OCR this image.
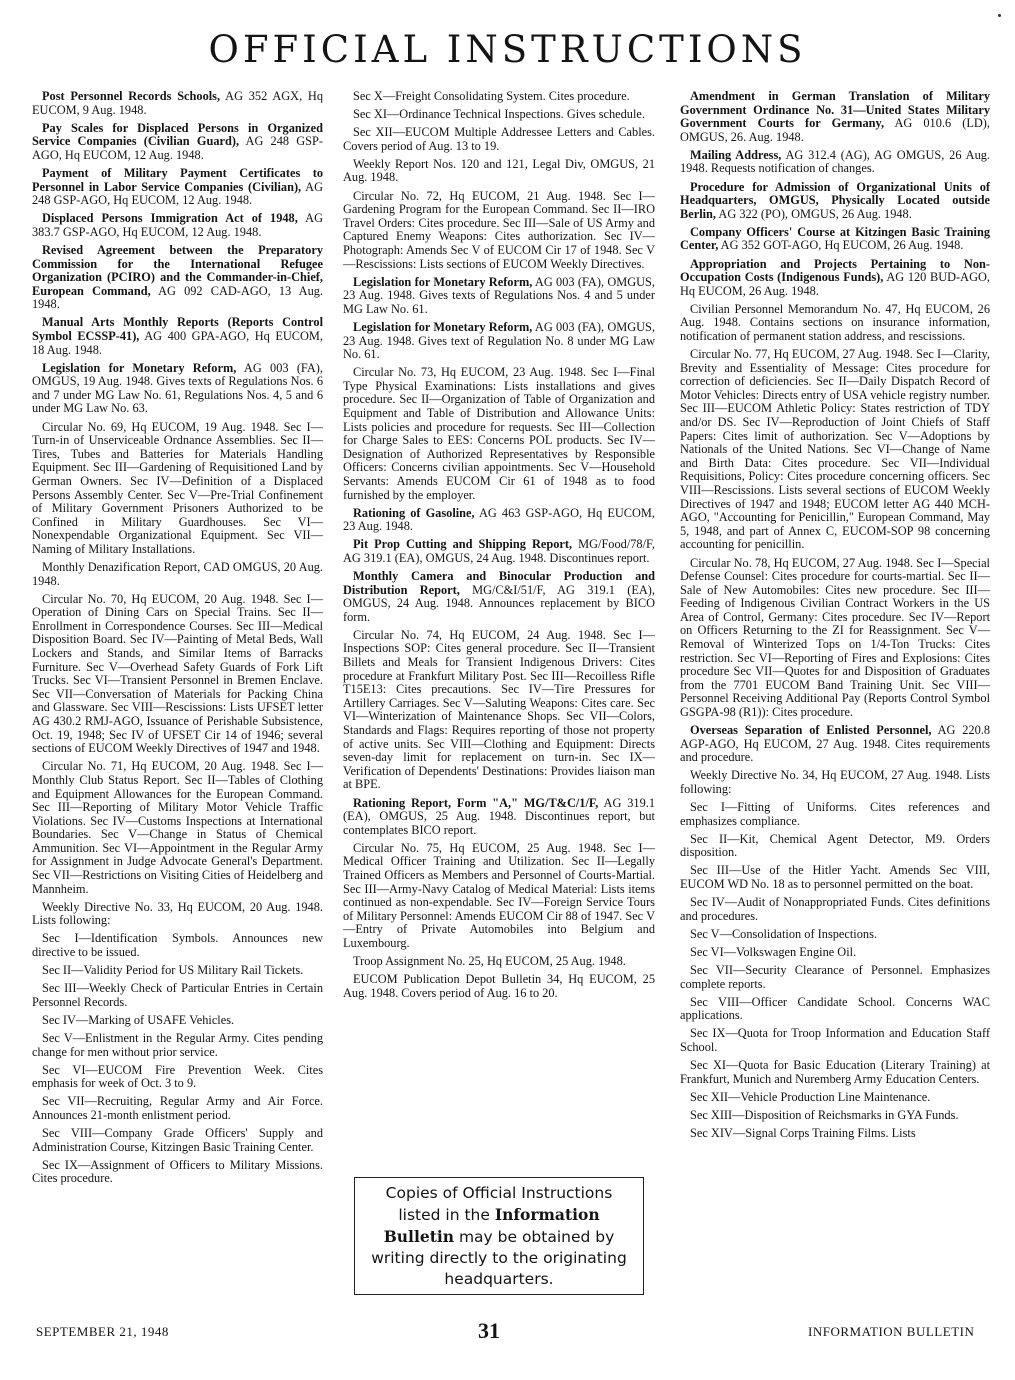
OFFICIAL INSTRUCTIONS

Post Personnel Records Schools, AG 352 AGX, Hq EUCOM, 9 Aug. 1948.

Pay Scales for Displaced Persons in Organized Service Companies (Civilian Guard), AG 248 GSP-AGO, Hq EUCOM, 12 Aug. 1948.

Payment of Military Payment Certificates to Personnel in Labor Service Companies (Civilian), AG 248 GSP-AGO, Hq EUCOM, 12 Aug. 1948.

Displaced Persons Immigration Act of 1948, AG 383.7 GSP-AGO, Hq EUCOM, 12 Aug. 1948.

Revised Agreement between the Preparatory Commission for the International Refugee Organization (PCIRO) and the Commander-in-Chief, European Command, AG 092 CAD-AGO, 13 Aug. 1948.

Manual Arts Monthly Reports (Reports Control Symbol ECSSP-41), AG 400 GPA-AGO, Hq EUCOM, 18 Aug. 1948.

Legislation for Monetary Reform, AG 003 (FA), OMGUS, 19 Aug. 1948. Gives texts of Regulations Nos. 6 and 7 under MG Law No. 61, Regulations Nos. 4, 5 and 6 under MG Law No. 63.

Circular No. 69, Hq EUCOM, 19 Aug. 1948. Sec I—Turn-in of Unserviceable Ordnance Assemblies. Sec II—Tires, Tubes and Batteries for Materials Handling Equipment. Sec III—Gardening of Requisitioned Land by German Owners. Sec IV—Definition of a Displaced Persons Assembly Center. Sec V—Pre-Trial Confinement of Military Government Prisoners Authorized to be Confined in Military Guardhouses. Sec VI—Nonexpendable Organizational Equipment. Sec VII—Naming of Military Installations.

Monthly Denazification Report, CAD OMGUS, 20 Aug. 1948.

Circular No. 70, Hq EUCOM, 20 Aug. 1948. Sec I—Operation of Dining Cars on Special Trains. Sec II—Enrollment in Correspondence Courses. Sec III—Medical Disposition Board. Sec IV—Painting of Metal Beds, Wall Lockers and Stands, and Similar Items of Barracks Furniture. Sec V—Overhead Safety Guards of Fork Lift Trucks. Sec VI—Transient Personnel in Bremen Enclave. Sec VII—Conversation of Materials for Packing China and Glassware. Sec VIII—Rescissions: Lists UFSET letter AG 430.2 RMJ-AGO, Issuance of Perishable Subsistence, Oct. 19, 1948; Sec IV of UFSET Cir 14 of 1946; several sections of EUCOM Weekly Directives of 1947 and 1948.

Circular No. 71, Hq EUCOM, 20 Aug. 1948. Sec I—Monthly Club Status Report. Sec II—Tables of Clothing and Equipment Allowances for the European Command. Sec III—Reporting of Military Motor Vehicle Traffic Violations. Sec IV—Customs Inspections at International Boundaries. Sec V—Change in Status of Chemical Ammunition. Sec VI—Appointment in the Regular Army for Assignment in Judge Advocate General's Department. Sec VII—Restrictions on Visiting Cities of Heidelberg and Mannheim.

Weekly Directive No. 33, Hq EUCOM, 20 Aug. 1948. Lists following:

Sec I—Identification Symbols. Announces new directive to be issued.

Sec II—Validity Period for US Military Rail Tickets.

Sec III—Weekly Check of Particular Entries in Certain Personnel Records.

Sec IV—Marking of USAFE Vehicles.

Sec V—Enlistment in the Regular Army. Cites pending change for men without prior service.

Sec VI—EUCOM Fire Prevention Week. Cites emphasis for week of Oct. 3 to 9.

Sec VII—Recruiting, Regular Army and Air Force. Announces 21-month enlistment period.

Sec VIII—Company Grade Officers' Supply and Administration Course, Kitzingen Basic Training Center.

Sec IX—Assignment of Officers to Military Missions. Cites procedure.

Sec X—Freight Consolidating System. Cites procedure.

Sec XI—Ordinance Technical Inspections. Gives schedule.

Sec XII—EUCOM Multiple Addressee Letters and Cables. Covers period of Aug. 13 to 19.

Weekly Report Nos. 120 and 121, Legal Div, OMGUS, 21 Aug. 1948.

Circular No. 72, Hq EUCOM, 21 Aug. 1948. Sec I—Gardening Program for the European Command. Sec II—IRO Travel Orders: Cites procedure. Sec III—Sale of US Army and Captured Enemy Weapons: Cites authorization. Sec IV—Photograph: Amends Sec V of EUCOM Cir 17 of 1948. Sec V—Rescissions: Lists sections of EUCOM Weekly Directives.

Legislation for Monetary Reform, AG 003 (FA), OMGUS, 23 Aug. 1948. Gives texts of Regulations Nos. 4 and 5 under MG Law No. 61.

Legislation for Monetary Reform, AG 003 (FA), OMGUS, 23 Aug. 1948. Gives text of Regulation No. 8 under MG Law No. 61.

Circular No. 73, Hq EUCOM, 23 Aug. 1948. Sec I—Final Type Physical Examinations: Lists installations and gives procedure. Sec II—Organization of Table of Organization and Equipment and Table of Distribution and Allowance Units: Lists policies and procedure for requests. Sec III—Collection for Charge Sales to EES: Concerns POL products. Sec IV—Designation of Authorized Representatives by Responsible Officers: Concerns civilian appointments. Sec V—Household Servants: Amends EUCOM Cir 61 of 1948 as to food furnished by the employer.

Rationing of Gasoline, AG 463 GSP-AGO, Hq EUCOM, 23 Aug. 1948.

Pit Prop Cutting and Shipping Report, MG/Food/78/F, AG 319.1 (EA), OMGUS, 24 Aug. 1948. Discontinues report.

Monthly Camera and Binocular Production and Distribution Report, MG/C&I/51/F, AG 319.1 (EA), OMGUS, 24 Aug. 1948. Announces replacement by BICO form.

Circular No. 74, Hq EUCOM, 24 Aug. 1948. Sec I—Inspections SOP: Cites general procedure. Sec II—Transient Billets and Meals for Transient Indigenous Drivers: Cites procedure at Frankfurt Military Post. Sec III—Recoilless Rifle T15E13: Cites precautions. Sec IV—Tire Pressures for Artillery Carriages. Sec V—Saluting Weapons: Cites care. Sec VI—Winterization of Maintenance Shops. Sec VII—Colors, Standards and Flags: Requires reporting of those not property of active units. Sec VIII—Clothing and Equipment: Directs seven-day limit for replacement on turn-in. Sec IX—Verification of Dependents' Destinations: Provides liaison man at BPE.

Rationing Report, Form "A," MG/T&C/1/F, AG 319.1 (EA), OMGUS, 25 Aug. 1948. Discontinues report, but contemplates BICO report.

Circular No. 75, Hq EUCOM, 25 Aug. 1948. Sec I—Medical Officer Training and Utilization. Sec II—Legally Trained Officers as Members and Personnel of Courts-Martial. Sec III—Army-Navy Catalog of Medical Material: Lists items continued as non-expendable. Sec IV—Foreign Service Tours of Military Personnel: Amends EUCOM Cir 88 of 1947. Sec V—Entry of Private Automobiles into Belgium and Luxembourg.

Troop Assignment No. 25, Hq EUCOM, 25 Aug. 1948.

EUCOM Publication Depot Bulletin 34, Hq EUCOM, 25 Aug. 1948. Covers period of Aug. 16 to 20.

Amendment in German Translation of Military Government Ordinance No. 31—United States Military Government Courts for Germany, AG 010.6 (LD), OMGUS, 26. Aug. 1948.

Mailing Address, AG 312.4 (AG), AG OMGUS, 26 Aug. 1948. Requests notification of changes.

Procedure for Admission of Organizational Units of Headquarters, OMGUS, Physically Located outside Berlin, AG 322 (PO), OMGUS, 26 Aug. 1948.

Company Officers' Course at Kitzingen Basic Training Center, AG 352 GOT-AGO, Hq EUCOM, 26 Aug. 1948.

Appropriation and Projects Pertaining to Non-Occupation Costs (Indigenous Funds), AG 120 BUD-AGO, Hq EUCOM, 26 Aug. 1948.

Civilian Personnel Memorandum No. 47, Hq EUCOM, 26 Aug. 1948. Contains sections on insurance information, notification of permanent station address, and rescissions.

Circular No. 77, Hq EUCOM, 27 Aug. 1948. Sec I—Clarity, Brevity and Essentiality of Message: Cites procedure for correction of deficiencies. Sec II—Daily Dispatch Record of Motor Vehicles: Directs entry of USA vehicle registry number. Sec III—EUCOM Athletic Policy: States restriction of TDY and/or DS. Sec IV—Reproduction of Joint Chiefs of Staff Papers: Cites limit of authorization. Sec V—Adoptions by Nationals of the United Nations. Sec VI—Change of Name and Birth Data: Cites procedure. Sec VII—Individual Requisitions, Policy: Cites procedure concerning officers. Sec VIII—Rescissions. Lists several sections of EUCOM Weekly Directives of 1947 and 1948; EUCOM letter AG 440 MCH-AGO, "Accounting for Penicillin," European Command, May 5, 1948, and part of Annex C, EUCOM-SOP 98 concerning accounting for penicillin.

Circular No. 78, Hq EUCOM, 27 Aug. 1948. Sec I—Special Defense Counsel: Cites procedure for courts-martial. Sec II—Sale of New Automobiles: Cites new procedure. Sec III—Feeding of Indigenous Civilian Contract Workers in the US Area of Control, Germany: Cites procedure. Sec IV—Report on Officers Returning to the ZI for Reassignment. Sec V—Removal of Winterized Tops on 1/4-Ton Trucks: Cites restriction. Sec VI—Reporting of Fires and Explosions: Cites procedure Sec VII—Quotes for and Disposition of Graduates from the 7701 EUCOM Band Training Unit. Sec VIII—Personnel Receiving Additional Pay (Reports Control Symbol GSGPA-98 (R1)): Cites procedure.

Overseas Separation of Enlisted Personnel, AG 220.8 AGP-AGO, Hq EUCOM, 27 Aug. 1948. Cites requirements and procedure.

Weekly Directive No. 34, Hq EUCOM, 27 Aug. 1948. Lists following:

Sec I—Fitting of Uniforms. Cites references and emphasizes compliance.

Sec II—Kit, Chemical Agent Detector, M9. Orders disposition.

Sec III—Use of the Hitler Yacht. Amends Sec VIII, EUCOM WD No. 18 as to personnel permitted on the boat.

Sec IV—Audit of Nonappropriated Funds. Cites definitions and procedures.

Sec V—Consolidation of Inspections.

Sec VI—Volkswagen Engine Oil.

Sec VII—Security Clearance of Personnel. Emphasizes complete reports.

Sec VIII—Officer Candidate School. Concerns WAC applications.

Sec IX—Quota for Troop Information and Education Staff School.

Sec XI—Quota for Basic Education (Literary Training) at Frankfurt, Munich and Nuremberg Army Education Centers.

Sec XII—Vehicle Production Line Maintenance.

Sec XIII—Disposition of Reichsmarks in GYA Funds.

Sec XIV—Signal Corps Training Films. Lists

Copies of Official Instructions listed in the Information Bulletin may be obtained by writing directly to the originating headquarters.

SEPTEMBER 21, 1948	31	INFORMATION BULLETIN
